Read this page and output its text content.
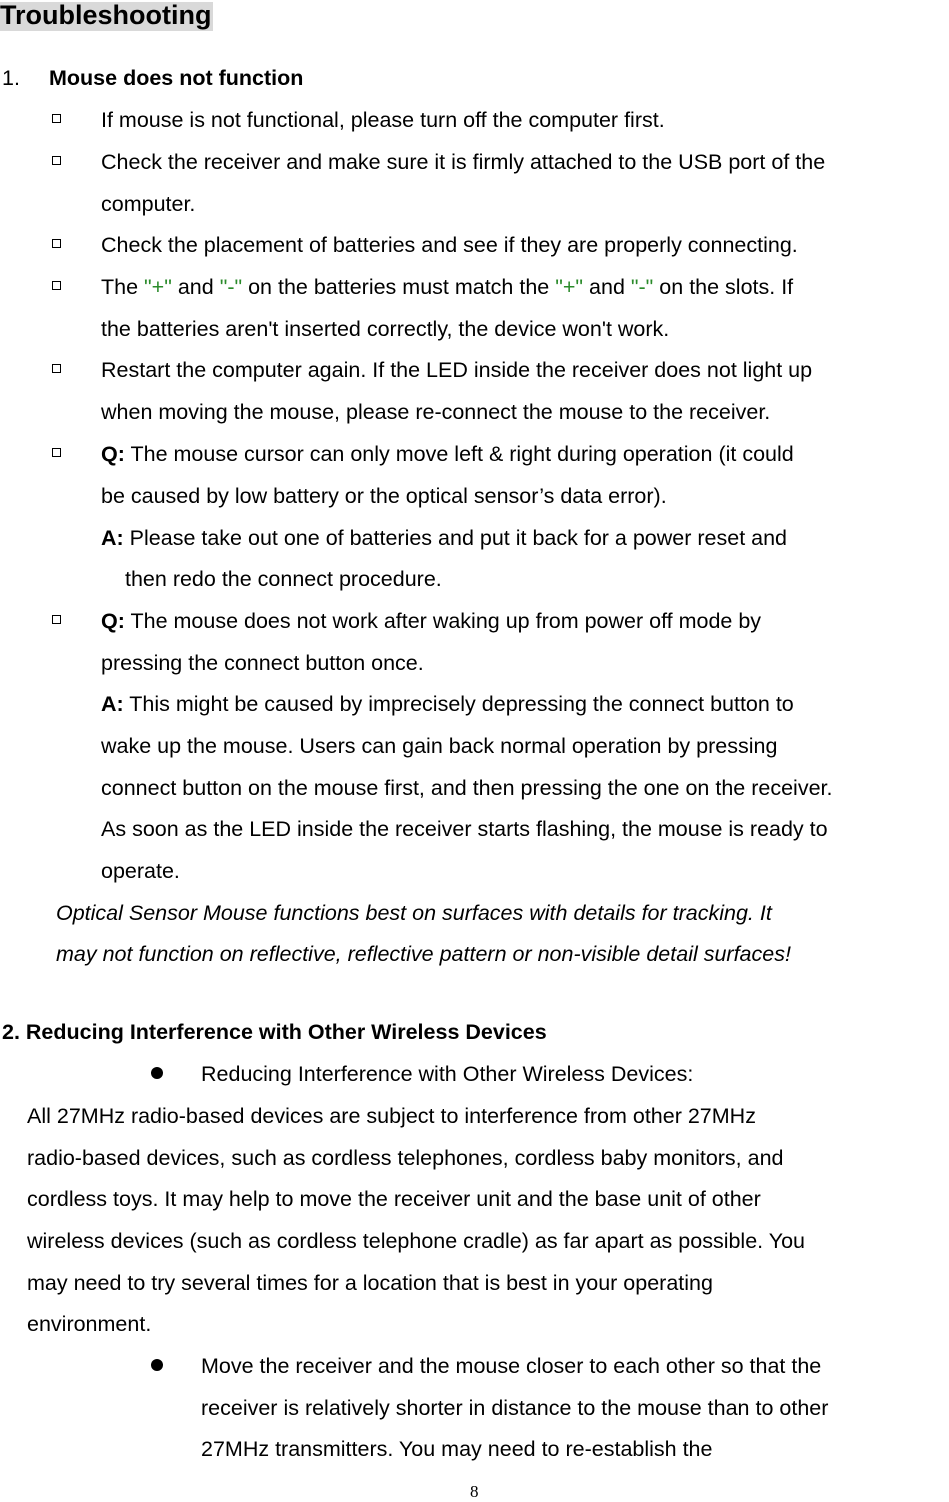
Troubleshooting
1. Mouse does not function
If mouse is not functional, please turn off the computer first.
Check the receiver and make sure it is firmly attached to the USB port of the
computer.
Check the placement of batteries and see if they are properly connecting.
The "+" and "-" on the batteries must match the "+" and "-" on the slots. If
the batteries aren't inserted correctly, the device won't work.
Restart the computer again. If the LED inside the receiver does not light up
when moving the mouse, please re-connect the mouse to the receiver.
Q: The mouse cursor can only move left & right during operation (it could
be caused by low battery or the optical sensor’s data error).
A: Please take out one of batteries and put it back for a power reset and
then redo the connect procedure.
Q: The mouse does not work after waking up from power off mode by
pressing the connect button once.
A: This might be caused by imprecisely depressing the connect button to
wake up the mouse. Users can gain back normal operation by pressing
connect button on the mouse first, and then pressing the one on the receiver.
As soon as the LED inside the receiver starts flashing, the mouse is ready to
operate.
Optical Sensor Mouse functions best on surfaces with details for tracking. It
may not function on reflective, reflective pattern or non-visible detail surfaces!
2. Reducing Interference with Other Wireless Devices
Reducing Interference with Other Wireless Devices:
All 27MHz radio-based devices are subject to interference from other 27MHz
radio-based devices, such as cordless telephones, cordless baby monitors, and
cordless toys. It may help to move the receiver unit and the base unit of other
wireless devices (such as cordless telephone cradle) as far apart as possible. You
may need to try several times for a location that is best in your operating
environment.
Move the receiver and the mouse closer to each other so that the
receiver is relatively shorter in distance to the mouse than to other
27MHz transmitters. You may need to re-establish the
8
